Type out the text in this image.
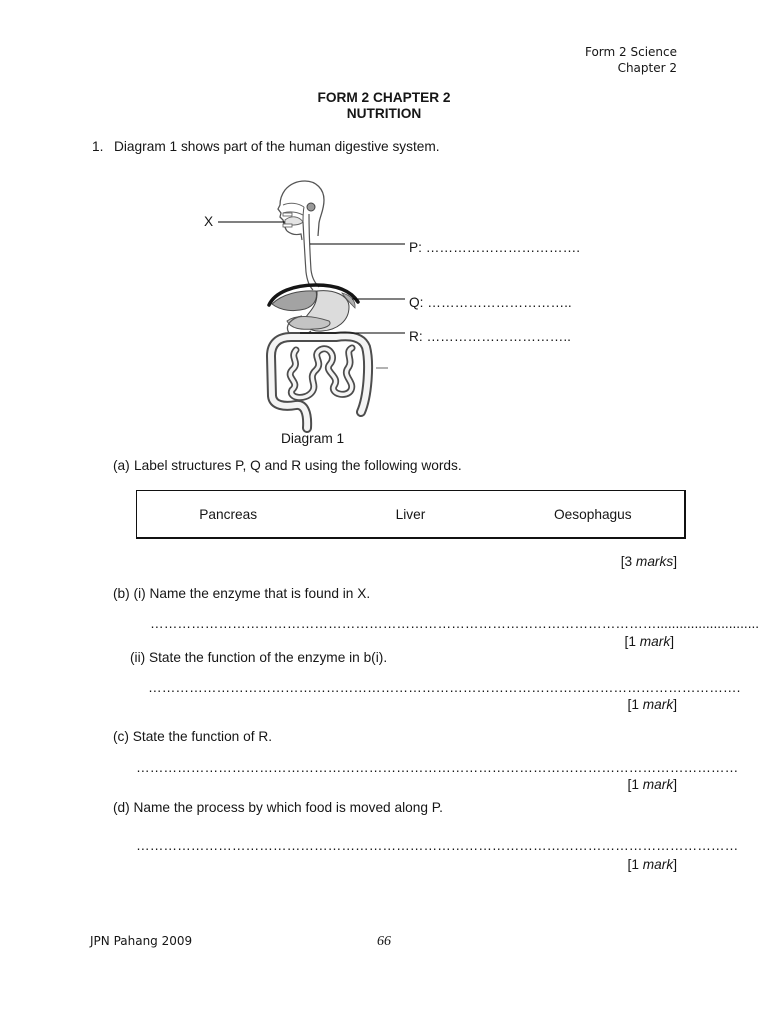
Form 2 Science
Chapter 2
FORM 2 CHAPTER 2
NUTRITION
1. Diagram 1 shows part of the human digestive system.
X
P: …………………………….
Q: …………………………..
R: …………………………..
Diagram 1
(a) Label structures P, Q and R using the following words.
Pancreas	Liver	Oesophagus
[3 marks]
(b) (i) Name the enzyme that is found in X.
…………………………………………………………………………………………………...........................
[1 mark]
(ii) State the function of the enzyme in b(i).
………………………………………………………………………………………………………………….
[1 mark]
(c) State the function of R.
……………………………………………………………………………………………………………………
[1 mark]
(d) Name the process by which food is moved along P.
……………………………………………………………………………………………………………………
[1 mark]
JPN Pahang 2009	66
